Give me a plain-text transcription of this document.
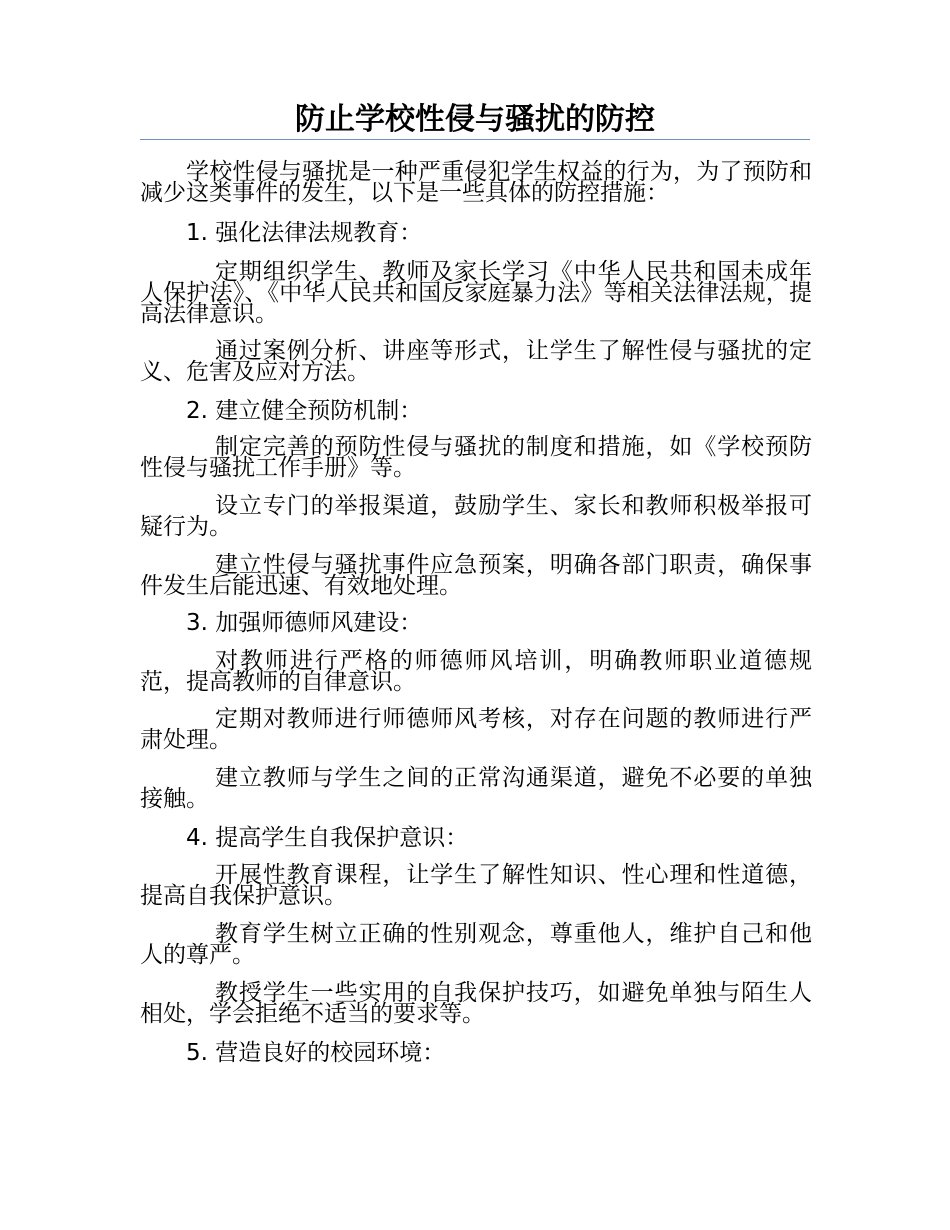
防止学校性侵与骚扰的防控
学校性侵与骚扰是一种严重侵犯学生权益的行为，为了预防和减少这类事件的发生，以下是一些具体的防控措施：
1. 强化法律法规教育：
定期组织学生、教师及家长学习《中华人民共和国未成年人保护法》、《中华人民共和国反家庭暴力法》等相关法律法规，提高法律意识。
通过案例分析、讲座等形式，让学生了解性侵与骚扰的定义、危害及应对方法。
2. 建立健全预防机制：
制定完善的预防性侵与骚扰的制度和措施，如《学校预防性侵与骚扰工作手册》等。
设立专门的举报渠道，鼓励学生、家长和教师积极举报可疑行为。
建立性侵与骚扰事件应急预案，明确各部门职责，确保事件发生后能迅速、有效地处理。
3. 加强师德师风建设：
对教师进行严格的师德师风培训，明确教师职业道德规范，提高教师的自律意识。
定期对教师进行师德师风考核，对存在问题的教师进行严肃处理。
建立教师与学生之间的正常沟通渠道，避免不必要的单独接触。
4. 提高学生自我保护意识：
开展性教育课程，让学生了解性知识、性心理和性道德，提高自我保护意识。
教育学生树立正确的性别观念，尊重他人，维护自己和他人的尊严。
教授学生一些实用的自我保护技巧，如避免单独与陌生人相处，学会拒绝不适当的要求等。
5. 营造良好的校园环境：
